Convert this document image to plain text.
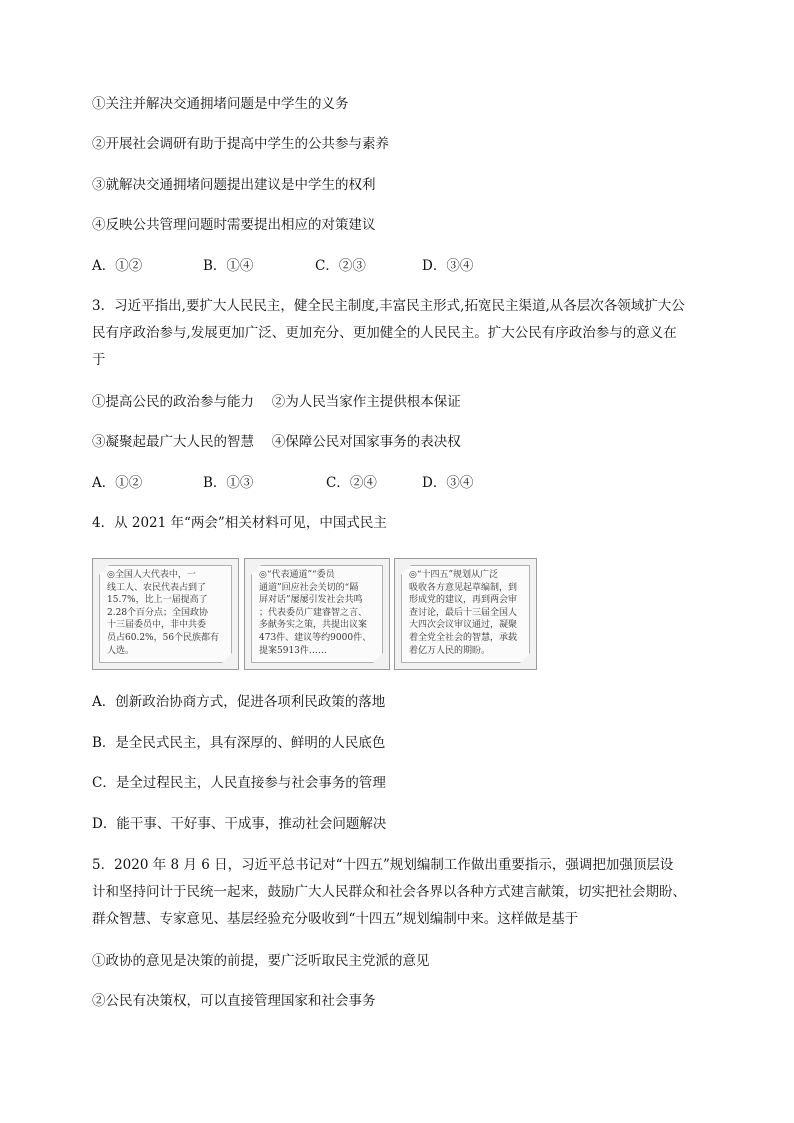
①关注并解决交通拥堵问题是中学生的义务
②开展社会调研有助于提高中学生的公共参与素养
③就解决交通拥堵问题提出建议是中学生的权利
④反映公共管理问题时需要提出相应的对策建议
A．①②	B．①④	C．②③	D．③④
3．习近平指出,要扩大人民民主，健全民主制度,丰富民主形式,拓宽民主渠道,从各层次各领域扩大公
民有序政治参与,发展更加广泛、更加充分、更加健全的人民民主。扩大公民有序政治参与的意义在
于
①提高公民的政治参与能力　 ②为人民当家作主提供根本保证
③凝聚起最广大人民的智慧　 ④保障公民对国家事务的表决权
A．①②	B．①③	C．②④	D．③④
4．从 2021 年“两会”相关材料可见，中国式民主
◎全国人大代表中，一
线工人、农民代表占到了
15.7%，比上一届提高了
2.28个百分点；全国政协
十三届委员中，非中共委
员占60.2%，56个民族都有
人选。
◎“代表通道”“委员
通道”回应社会关切的“隔
屏对话”屡屡引发社会共鸣
；代表委员广建睿智之言、
多献务实之策，共提出议案
473件、建议等约9000件、
提案5913件……
◎“十四五”规划从广泛
吸收各方意见起草编制，到
形成党的建议，再到两会审
查讨论，最后十三届全国人
大四次会议审议通过，凝聚
着全党全社会的智慧，承载
着亿万人民的期盼。
A．创新政治协商方式，促进各项利民政策的落地
B．是全民式民主，具有深厚的、鲜明的人民底色
C．是全过程民主，人民直接参与社会事务的管理
D．能干事、干好事、干成事，推动社会问题解决
5．2020 年 8 月 6 日，习近平总书记对“十四五”规划编制工作做出重要指示，强调把加强顶层设
计和坚持问计于民统一起来，鼓励广大人民群众和社会各界以各种方式建言献策，切实把社会期盼、
群众智慧、专家意见、基层经验充分吸收到“十四五”规划编制中来。这样做是基于
①政协的意见是决策的前提，要广泛听取民主党派的意见
②公民有决策权，可以直接管理国家和社会事务
